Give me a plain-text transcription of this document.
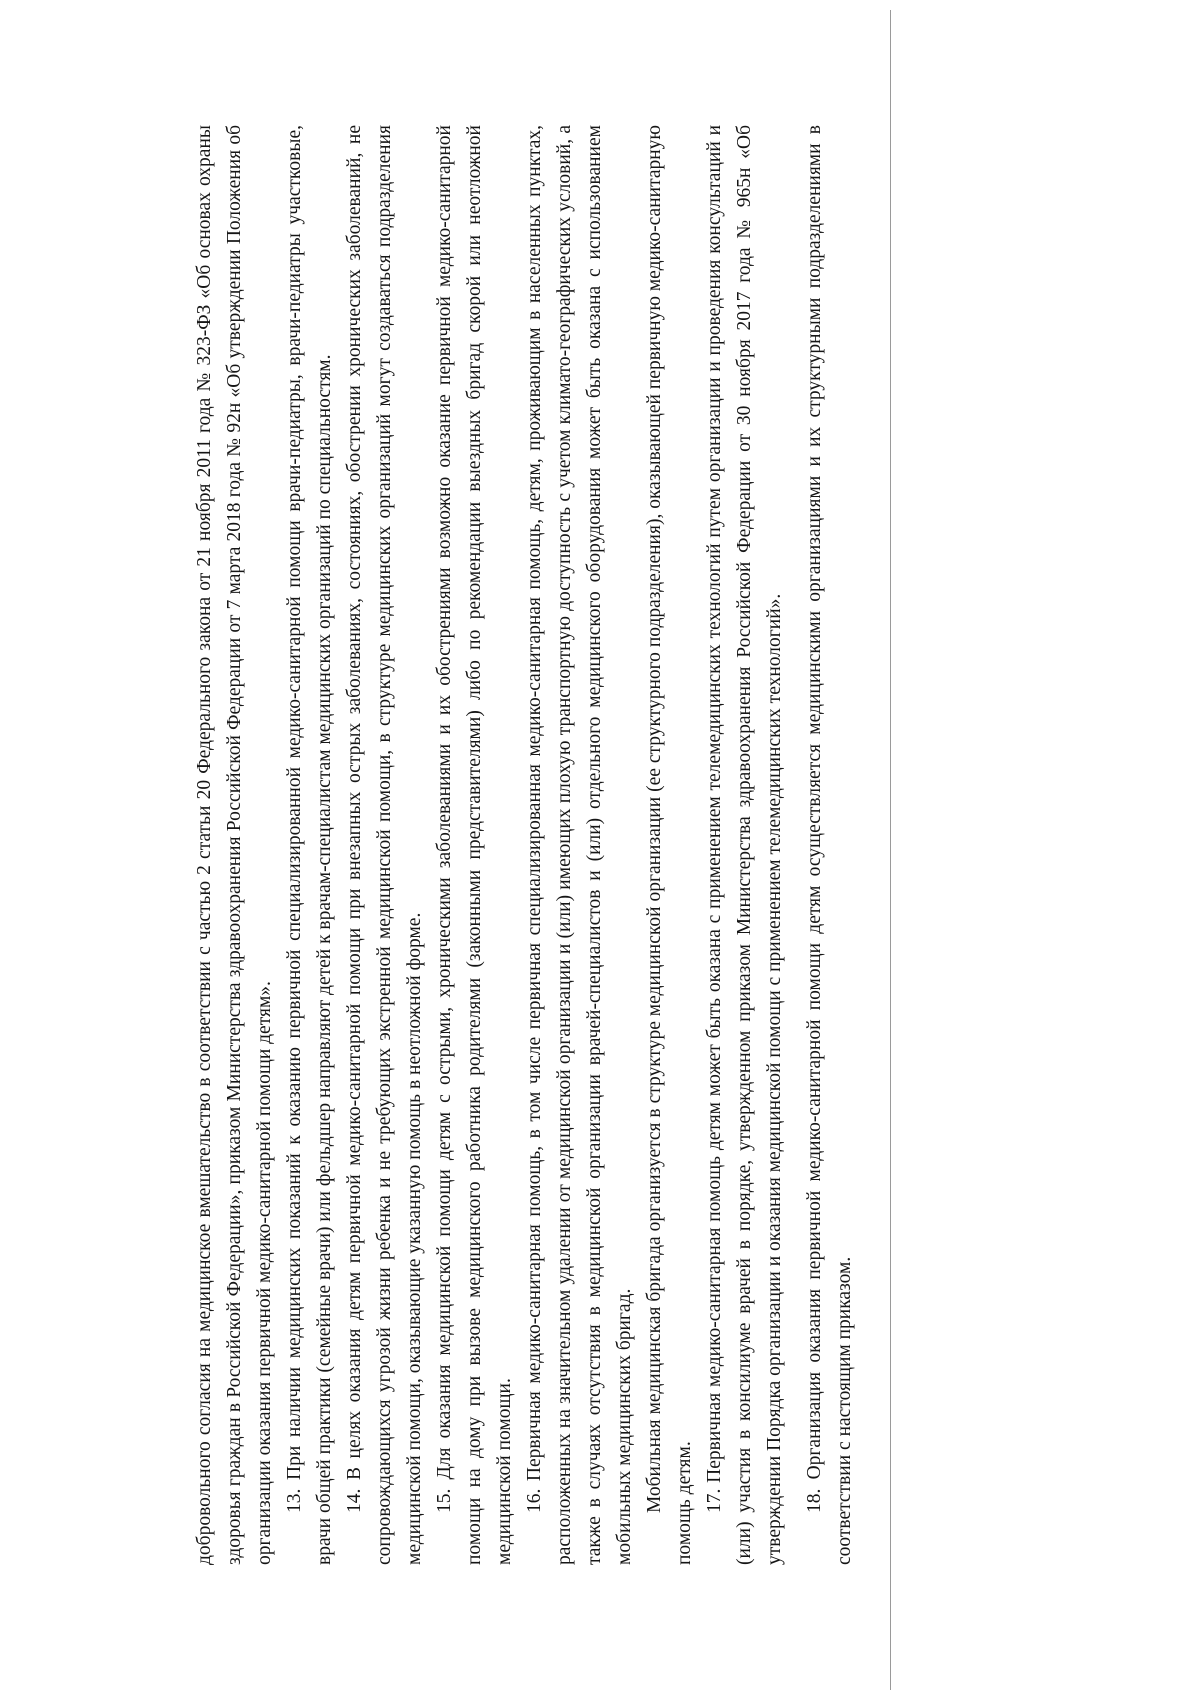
добровольного согласия на медицинское вмешательство в соответствии с частью 2 статьи 20 Федерального закона от 21 ноября 2011 года № 323-ФЗ «Об основах охраны здоровья граждан в Российской Федерации», приказом Министерства здравоохранения Российской Федерации от 7 марта 2018 года № 92н «Об утверждении Положения об организации оказания первичной медико-санитарной помощи детям». 13. При наличии медицинских показаний к оказанию первичной специализированной медико-санитарной помощи врачи-педиатры, врачи-педиатры участковые, врачи общей практики (семейные врачи) или фельдшер направляют детей к врачам-специалистам медицинских организаций по специальностям. 14. В целях оказания детям первичной медико-санитарной помощи при внезапных острых заболеваниях, состояниях, обострении хронических заболеваний, не сопровождающихся угрозой жизни ребенка и не требующих экстренной медицинской помощи, в структуре медицинских организаций могут создаваться подразделения медицинской помощи, оказывающие указанную помощь в неотложной форме. 15. Для оказания медицинской помощи детям с острыми, хроническими заболеваниями и их обострениями возможно оказание первичной медико-санитарной помощи на дому при вызове медицинского работника родителями (законными представителями) либо по рекомендации выездных бригад скорой или неотложной медицинской помощи. 16. Первичная медико-санитарная помощь, в том числе первичная специализированная медико-санитарная помощь, детям, проживающим в населенных пунктах, расположенных на значительном удалении от медицинской организации и (или) имеющих плохую транспортную доступность с учетом климато-географических условий, а также в случаях отсутствия в медицинской организации врачей-специалистов и (или) отдельного медицинского оборудования может быть оказана с использованием мобильных медицинских бригад. Мобильная медицинская бригада организуется в структуре медицинской организации (ее структурного подразделения), оказывающей первичную медико-санитарную помощь детям. 17. Первичная медико-санитарная помощь детям может быть оказана с применением телемедицинских технологий путем организации и проведения консультаций и (или) участия в консилиуме врачей в порядке, утвержденном приказом Министерства здравоохранения Российской Федерации от 30 ноября 2017 года № 965н «Об утверждении Порядка организации и оказания медицинской помощи с применением телемедицинских технологий». 18. Организация оказания первичной медико-санитарной помощи детям осуществляется медицинскими организациями и их структурными подразделениями в соответствии с настоящим приказом.
